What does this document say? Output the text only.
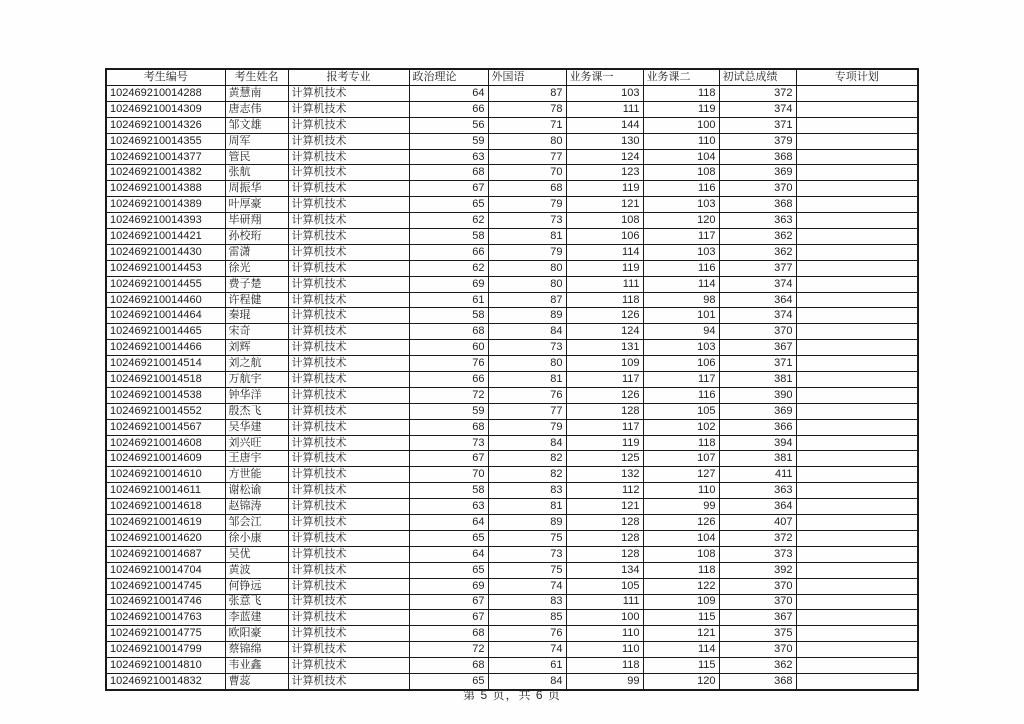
考生编号	考生姓名	报考专业	政治理论	外国语	业务课一	业务课二	初试总成绩	专项计划
102469210014288	黄慧南	计算机技术	64	87	103	118	372	
102469210014309	唐志伟	计算机技术	66	78	111	119	374	
102469210014326	邹文雄	计算机技术	56	71	144	100	371	
102469210014355	周军	计算机技术	59	80	130	110	379	
102469210014377	管民	计算机技术	63	77	124	104	368	
102469210014382	张航	计算机技术	68	70	123	108	369	
102469210014388	周振华	计算机技术	67	68	119	116	370	
102469210014389	叶厚豪	计算机技术	65	79	121	103	368	
102469210014393	毕研翔	计算机技术	62	73	108	120	363	
102469210014421	孙校珩	计算机技术	58	81	106	117	362	
102469210014430	雷潇	计算机技术	66	79	114	103	362	
102469210014453	徐光	计算机技术	62	80	119	116	377	
102469210014455	费子楚	计算机技术	69	80	111	114	374	
102469210014460	许程健	计算机技术	61	87	118	98	364	
102469210014464	秦琨	计算机技术	58	89	126	101	374	
102469210014465	宋奇	计算机技术	68	84	124	94	370	
102469210014466	刘辉	计算机技术	60	73	131	103	367	
102469210014514	刘之航	计算机技术	76	80	109	106	371	
102469210014518	万航宇	计算机技术	66	81	117	117	381	
102469210014538	钟华洋	计算机技术	72	76	126	116	390	
102469210014552	殷杰飞	计算机技术	59	77	128	105	369	
102469210014567	吴华建	计算机技术	68	79	117	102	366	
102469210014608	刘兴旺	计算机技术	73	84	119	118	394	
102469210014609	王唐宇	计算机技术	67	82	125	107	381	
102469210014610	方世能	计算机技术	70	82	132	127	411	
102469210014611	谢松谕	计算机技术	58	83	112	110	363	
102469210014618	赵锦涛	计算机技术	63	81	121	99	364	
102469210014619	邹会江	计算机技术	64	89	128	126	407	
102469210014620	徐小康	计算机技术	65	75	128	104	372	
102469210014687	吴优	计算机技术	64	73	128	108	373	
102469210014704	黄波	计算机技术	65	75	134	118	392	
102469210014745	何铮远	计算机技术	69	74	105	122	370	
102469210014746	张意飞	计算机技术	67	83	111	109	370	
102469210014763	李蓝建	计算机技术	67	85	100	115	367	
102469210014775	欧阳豪	计算机技术	68	76	110	121	375	
102469210014799	蔡锦绵	计算机技术	72	74	110	114	370	
102469210014810	韦业鑫	计算机技术	68	61	118	115	362	
102469210014832	曹蕊	计算机技术	65	84	99	120	368	
第 5 页，共 6 页
